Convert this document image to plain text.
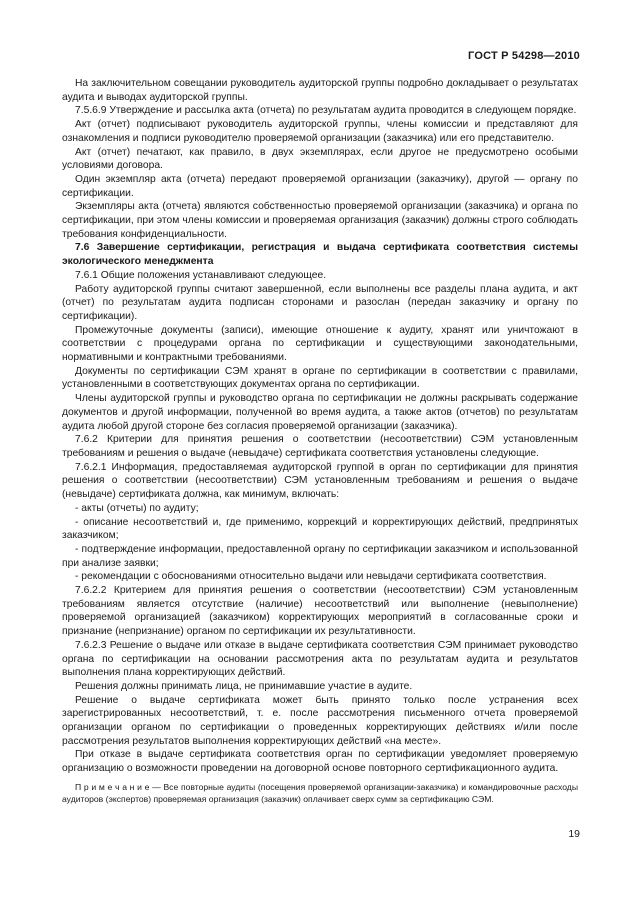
ГОСТ Р 54298—2010

На заключительном совещании руководитель аудиторской группы подробно докладывает о результатах аудита и выводах аудиторской группы.

7.5.6.9 Утверждение и рассылка акта (отчета) по результатам аудита проводится в следующем порядке.

Акт (отчет) подписывают руководитель аудиторской группы, члены комиссии и представляют для ознакомления и подписи руководителю проверяемой организации (заказчика) или его представителю.

Акт (отчет) печатают, как правило, в двух экземплярах, если другое не предусмотрено особыми условиями договора.

Один экземпляр акта (отчета) передают проверяемой организации (заказчику), другой — органу по сертификации.

Экземпляры акта (отчета) являются собственностью проверяемой организации (заказчика) и органа по сертификации, при этом члены комиссии и проверяемая организация (заказчик) должны строго соблюдать требования конфиденциальности.

7.6 Завершение сертификации, регистрация и выдача сертификата соответствия системы экологического менеджмента

7.6.1 Общие положения устанавливают следующее.

Работу аудиторской группы считают завершенной, если выполнены все разделы плана аудита, и акт (отчет) по результатам аудита подписан сторонами и разослан (передан заказчику и органу по сертификации).

Промежуточные документы (записи), имеющие отношение к аудиту, хранят или уничтожают в соответствии с процедурами органа по сертификации и существующими законодательными, нормативными и контрактными требованиями.

Документы по сертификации СЭМ хранят в органе по сертификации в соответствии с правилами, установленными в соответствующих документах органа по сертификации.

Члены аудиторской группы и руководство органа по сертификации не должны раскрывать содержание документов и другой информации, полученной во время аудита, а также актов (отчетов) по результатам аудита любой другой стороне без согласия проверяемой организации (заказчика).

7.6.2 Критерии для принятия решения о соответствии (несоответствии) СЭМ установленным требованиям и решения о выдаче (невыдаче) сертификата соответствия установлены следующие.

7.6.2.1 Информация, предоставляемая аудиторской группой в орган по сертификации для принятия решения о соответствии (несоответствии) СЭМ установленным требованиям и решения о выдаче (невыдаче) сертификата должна, как минимум, включать:

- акты (отчеты) по аудиту;

- описание несоответствий и, где применимо, коррекций и корректирующих действий, предпринятых заказчиком;

- подтверждение информации, предоставленной органу по сертификации заказчиком и использованной при анализе заявки;

- рекомендации с обоснованиями относительно выдачи или невыдачи сертификата соответствия.

7.6.2.2 Критерием для принятия решения о соответствии (несоответствии) СЭМ установленным требованиям является отсутствие (наличие) несоответствий или выполнение (невыполнение) проверяемой организацией (заказчиком) корректирующих мероприятий в согласованные сроки и признание (непризнание) органом по сертификации их результативности.

7.6.2.3 Решение о выдаче или отказе в выдаче сертификата соответствия СЭМ принимает руководство органа по сертификации на основании рассмотрения акта по результатам аудита и результатов выполнения плана корректирующих действий.

Решения должны принимать лица, не принимавшие участие в аудите.

Решение о выдаче сертификата может быть принято только после устранения всех зарегистрированных несоответствий, т. е. после рассмотрения письменного отчета проверяемой организации органом по сертификации о проведенных корректирующих действиях и/или после рассмотрения результатов выполнения корректирующих действий «на месте».

При отказе в выдаче сертификата соответствия орган по сертификации уведомляет проверяемую организацию о возможности проведении на договорной основе повторного сертификационного аудита.

П р и м е ч а н и е — Все повторные аудиты (посещения проверяемой организации-заказчика) и командировочные расходы аудиторов (экспертов) проверяемая организация (заказчик) оплачивает сверх сумм за сертификацию СЭМ.

19
